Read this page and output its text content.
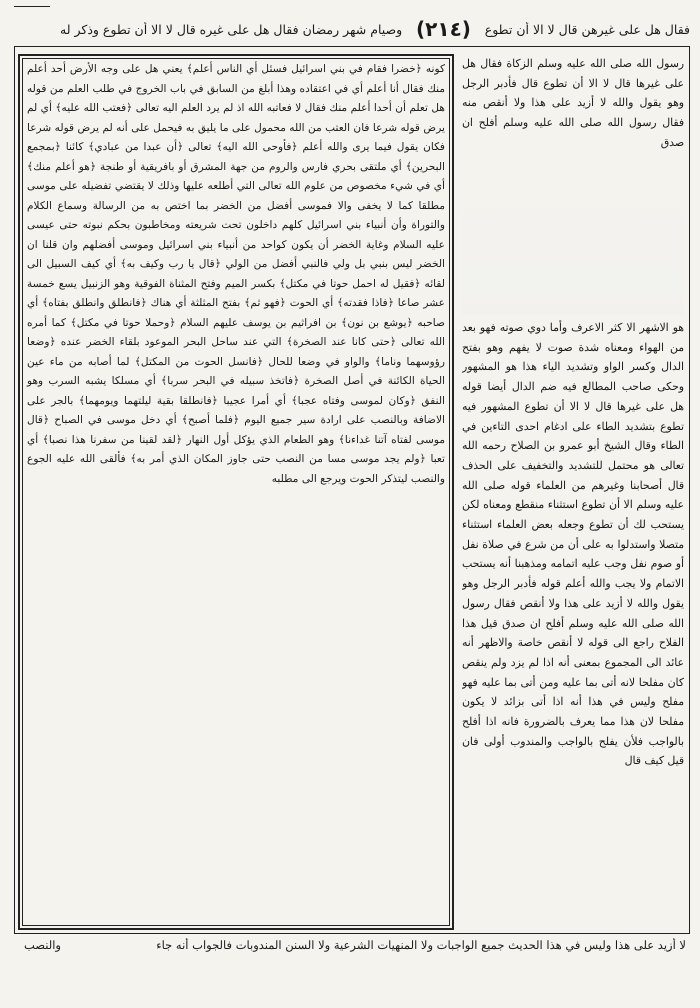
فقال هل على غيرهن قال لا الا أن تطوع
(٢١٤)
وصيام شهر رمضان فقال هل على غيره قال لا الا أن تطوع وذكر له

كونه ﴿خضرا فقام في بني اسرائيل فسئل أي الناس أعلم﴾ يعني هل على وجه الأرض أحد أعلم منك فقال أنا أعلم أي في اعتقاده وهذا أبلغ من السابق في باب الخروج في طلب العلم من قوله هل تعلم أن أحدا أعلم منك فقال لا فعاتبه الله اذ لم يرد العلم اليه تعالى ﴿فعتب الله عليه﴾ أي لم يرض قوله شرعا فان العتب من الله محمول على ما يليق به فيحمل على أنه لم يرض قوله شرعا فكان يقول فيما يرى والله أعلم ﴿فأوحى الله اليه﴾ تعالى ﴿أن عبدا من عبادي﴾ كائنا ﴿بمجمع البحرين﴾ أي ملتقى بحري فارس والروم من جهة المشرق أو بافريقية أو طنجة ﴿هو أعلم منك﴾ أي في شيء مخصوص من علوم الله تعالى التي أطلعه عليها وذلك لا يقتضي تفضيله على موسى مطلقا كما لا يخفى والا فموسى أفضل من الخضر بما اختص به من الرسالة وسماع الكلام والتوراة وأن أنبياء بني اسرائيل كلهم داخلون تحت شريعته ومخاطبون بحكم نبوته حتى عيسى عليه السلام وغاية الخضر أن يكون كواحد من أنبياء بني اسرائيل وموسى أفضلهم وان قلنا ان الخضر ليس بنبي بل ولي فالنبي أفضل من الولي ﴿قال يا رب وكيف به﴾ أي كيف السبيل الى لقائه ﴿فقيل له احمل حوتا في مكتل﴾ بكسر الميم وفتح المثناة الفوقية وهو الزنبيل يسع خمسة عشر صاعا ﴿فاذا فقدته﴾ أي الحوت ﴿فهو ثم﴾ بفتح المثلثة أي هناك ﴿فانطلق وانطلق بفتاه﴾ أي صاحبه ﴿يوشع بن نون﴾ بن افراثيم بن يوسف عليهم السلام ﴿وحملا حوتا في مكتل﴾ كما أمره الله تعالى ﴿حتى كانا عند الصخرة﴾ التي عند ساحل البحر الموعود بلقاء الخضر عنده ﴿وضعا رؤوسهما وناما﴾ والواو في وضعا للحال ﴿فانسل الحوت من المكتل﴾ لما أصابه من ماء عين الحياة الكائنة في أصل الصخرة ﴿فاتخذ سبيله في البحر سربا﴾ أي مسلكا يشبه السرب وهو النفق ﴿وكان لموسى وفتاه عجبا﴾ أي أمرا عجيبا ﴿فانطلقا بقية ليلتهما ويومهما﴾ بالجر على الاضافة وبالنصب على ارادة سير جميع اليوم ﴿فلما أصبح﴾ أي دخل موسى في الصباح ﴿قال موسى لفتاه آتنا غداءنا﴾ وهو الطعام الذي يؤكل أول النهار ﴿لقد لقينا من سفرنا هذا نصبا﴾ أي تعبا ﴿ولم يجد موسى مسا من النصب حتى جاوز المكان الذي أمر به﴾ فألقى الله عليه الجوع والنصب ليتذكر الحوت ويرجع الى مطلبه

رسول الله صلى الله عليه وسلم الزكاة فقال هل على غيرها قال لا الا أن تطوع قال فأدبر الرجل وهو يقول والله لا أزيد على هذا ولا أنقص منه فقال رسول الله صلى الله عليه وسلم أفلح ان صدق

هو الاشهر الا كثر الاعرف وأما دوي صوته فهو بعد من الهواء ومعناه شدة صوت لا يفهم وهو بفتح الدال وكسر الواو وتشديد الياء هذا هو المشهور وحكى صاحب المطالع فيه ضم الدال أيضا قوله هل على غيرها قال لا الا أن تطوع المشهور فيه تطوع بتشديد الطاء على ادغام احدى التاءين في الطاء وقال الشيخ أبو عمرو بن الصلاح رحمه الله تعالى هو محتمل للتشديد والتخفيف على الحذف قال أصحابنا وغيرهم من العلماء قوله صلى الله عليه وسلم الا أن تطوع استثناء منقطع ومعناه لكن يستحب لك أن تطوع وجعله بعض العلماء استثناء متصلا واستدلوا به على أن من شرع في صلاة نفل أو صوم نفل وجب عليه اتمامه ومذهبنا أنه يستحب الاتمام ولا يجب والله أعلم قوله فأدبر الرجل وهو يقول والله لا أزيد على هذا ولا أنقص فقال رسول الله صلى الله عليه وسلم أفلح ان صدق قيل هذا الفلاح راجع الى قوله لا أنقص خاصة والاظهر أنه عائد الى المجموع بمعنى أنه اذا لم يزد ولم ينقص كان مفلحا لانه أتى بما عليه ومن أتى بما عليه فهو مفلح وليس في هذا أنه اذا أتى بزائد لا يكون مفلحا لان هذا مما يعرف بالضرورة فانه اذا أفلح بالواجب فلأن يفلح بالواجب والمندوب أولى فان قيل كيف قال

لا أزيد على هذا وليس في هذا الحديث جميع الواجبات ولا المنهيات الشرعية ولا السنن المندوبات فالجواب أنه جاء
والنصب
